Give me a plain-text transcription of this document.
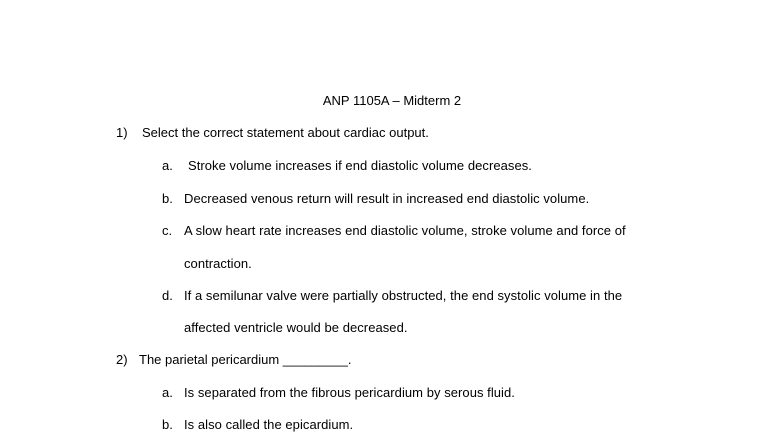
ANP 1105A – Midterm 2
1) Select the correct statement about cardiac output.
a. Stroke volume increases if end diastolic volume decreases.
b. Decreased venous return will result in increased end diastolic volume.
c. A slow heart rate increases end diastolic volume, stroke volume and force of
contraction.
d. If a semilunar valve were partially obstructed, the end systolic volume in the
affected ventricle would be decreased.
2) The parietal pericardium _________.
a. Is separated from the fibrous pericardium by serous fluid.
b. Is also called the epicardium.
